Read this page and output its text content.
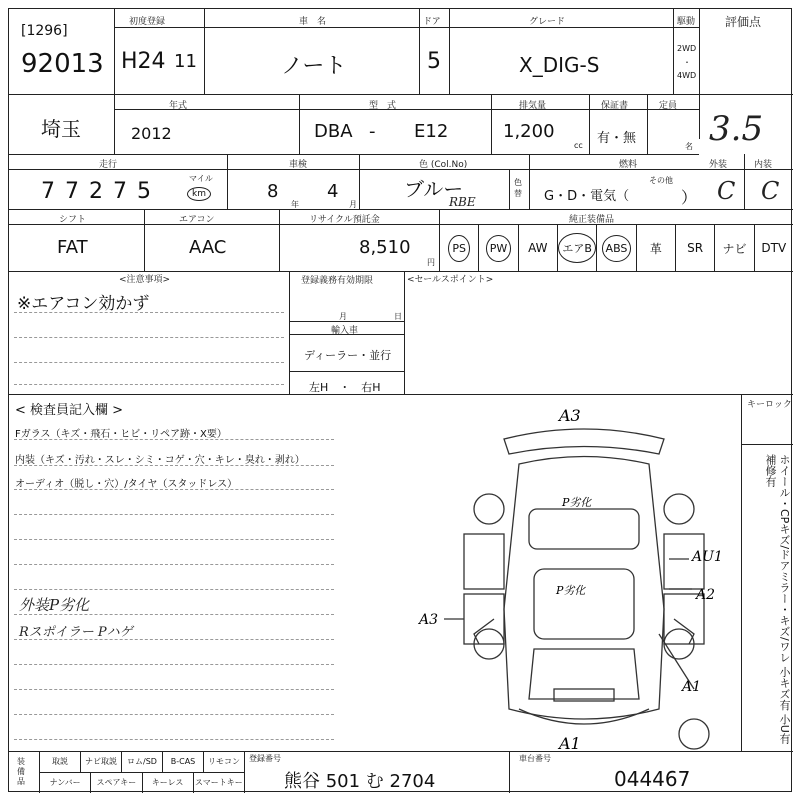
[1296]
92013
初度登録
H24 11
車　名
ノート
ドア
5
グレード
X_DIG-S
駆動
2WD
・
4WD
評価点
3.5
埼玉
年式
2012
型　式
DBA - E12
排気量
1,200
cc
保証書
有・無
定員
名
走行
77275
マイル
km
車検
8
年
4
月
色 (Col.No)
ブルー
RBE
色替
燃料
G・D・電気（
その他
）
外装
C
内装
C
シフト
FAT
エアコン
AAC
リサイクル預託金
8,510
円
純正装備品
PS	PW	AW	エアB	ABS	革 SR ナビ DTV
<注意事項>
※エアコン効かず
登録義務有効期限
月	日
輸入車
ディーラー・並行
左H　・　右H
<セールスポイント>
キーロック
< 検査員記入欄 >
Fガラス（キズ・飛石・ヒビ・リペア跡・X要）
内装（キズ・汚れ・スレ・シミ・コゲ・穴・キレ・臭れ・剥れ）
オーディオ（脱し・穴）/タイヤ（スタッドレス）
外装P劣化
Rスポイラー Pハゲ	ホイール・CPキズ/ドアミラー・キズ/ワレ 小キズ有 小U有 補修有
A3
P劣化
P劣化
AU1
A2
A3
A1
A1
装備品
取説	ナビ取説	ロム/SD	B-CAS	リモコン
ナンバー	スペアキー	キーレス	スマートキー
登録番号
熊谷 501 む 2704
車台番号
044467
